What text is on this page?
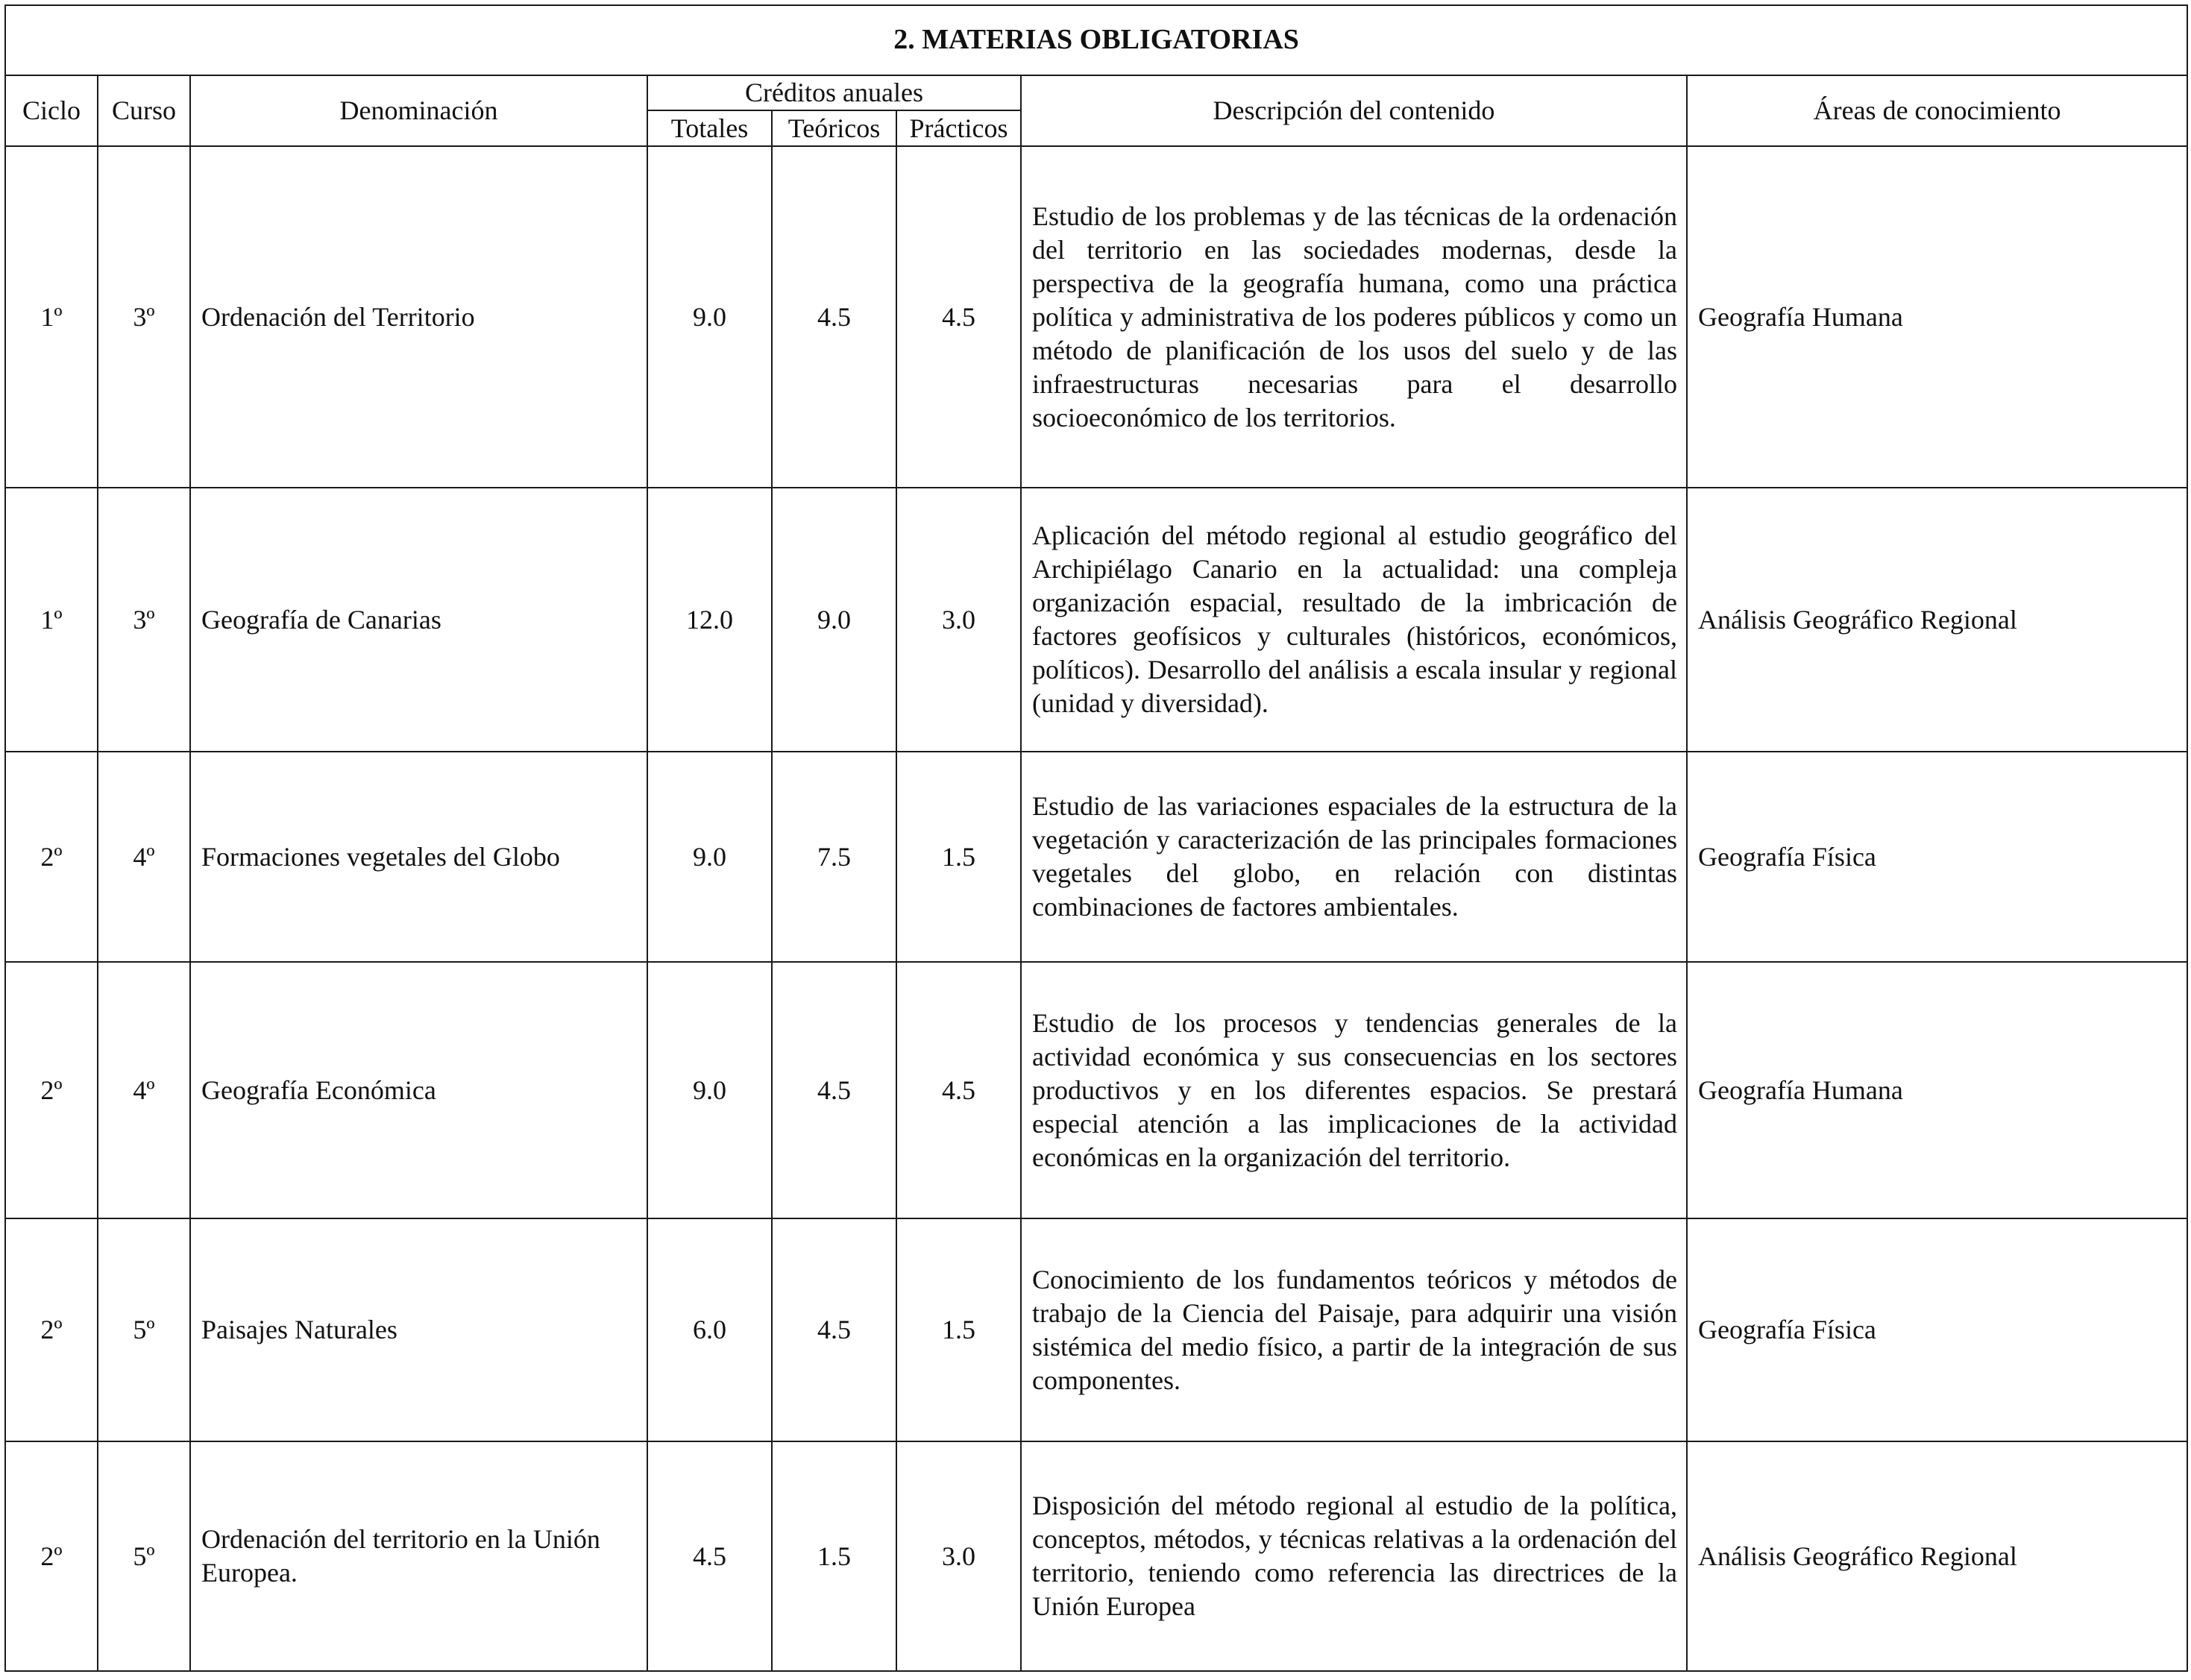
2. MATERIAS OBLIGATORIAS							
Ciclo	Curso	Denominación	Créditos anuales			Descripción del contenido	Áreas de conocimiento
			Totales	Teóricos	Prácticos		
1º	3º	Ordenación del Territorio	9.0	4.5	4.5	Estudio de los problemas y de las técnicas de la ordenación del territorio en las sociedades modernas, desde la perspectiva de la geografía humana, como una práctica política y administrativa de los poderes públicos y como un método de planificación de los usos del suelo y de las infraestructuras necesarias para el desarrollo socioeconómico de los territorios.	Geografía Humana
1º	3º	Geografía de Canarias	12.0	9.0	3.0	Aplicación del método regional al estudio geográfico del Archipiélago Canario en la actualidad: una compleja organización espacial, resultado de la imbricación de factores geofísicos y culturales (históricos, económicos, políticos). Desarrollo del análisis a escala insular y regional (unidad y diversidad).	Análisis Geográfico Regional
2º	4º	Formaciones vegetales del Globo	9.0	7.5	1.5	Estudio de las variaciones espaciales de la estructura de la vegetación y caracterización de las principales formaciones vegetales del globo, en relación con distintas combinaciones de factores ambientales.	Geografía Física
2º	4º	Geografía Económica	9.0	4.5	4.5	Estudio de los procesos y tendencias generales de la actividad económica y sus consecuencias en los sectores productivos y en los diferentes espacios. Se prestará especial atención a las implicaciones de la actividad económicas en la organización del territorio.	Geografía Humana
2º	5º	Paisajes Naturales	6.0	4.5	1.5	Conocimiento de los fundamentos teóricos y métodos de trabajo de la Ciencia del Paisaje, para adquirir una visión sistémica del medio físico, a partir de la integración de sus componentes.	Geografía Física
2º	5º	Ordenación del territorio en la Unión Europea.	4.5	1.5	3.0	Disposición del método regional al estudio de la política, conceptos, métodos, y técnicas relativas a la ordenación del territorio, teniendo como referencia las directrices de la Unión Europea	Análisis Geográfico Regional
